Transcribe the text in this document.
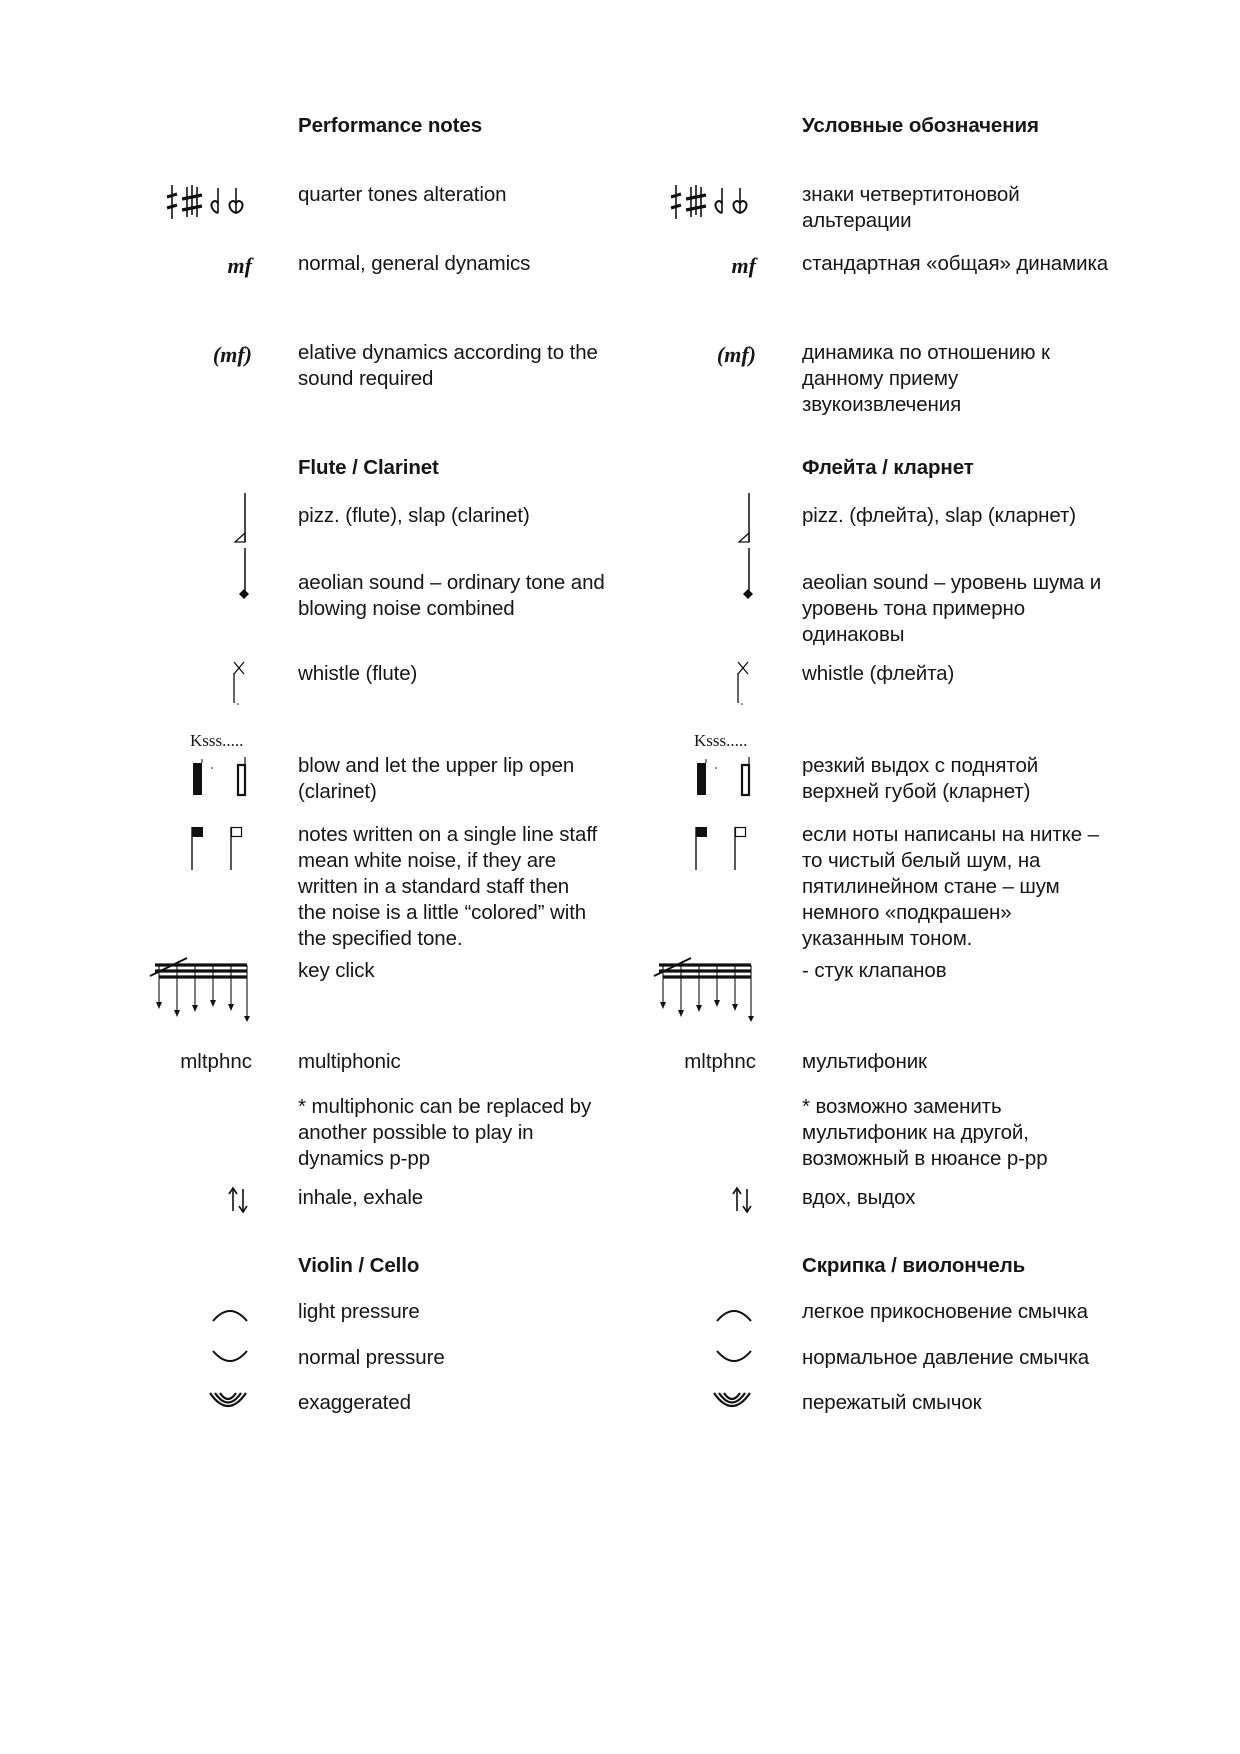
Performance notes
quarter tones alteration
mf normal, general dynamics
(mf) elative dynamics according to the
sound required
Flute / Clarinet
pizz. (flute), slap (clarinet)
aeolian sound – ordinary tone and
blowing noise combined
whistle (flute)
Ksss.....
blow and let the upper lip open
(clarinet)
notes written on a single line staff
mean white noise, if they are
written in a standard staff then
the noise is a little “colored” with
the specified tone.
key click
mltphnc multiphonic
* multiphonic can be replaced by
another possible to play in
dynamics p-pp
inhale, exhale
Violin / Cello
light pressure
normal pressure
exaggerated
Условные обозначения
знаки четвертитоновой
альтерации
mf стандартная «общая» динамика
(mf) динамика по отношению к
данному приему
звукоизвлечения
Флейта / кларнет
pizz. (флейта), slap (кларнет)
aeolian sound – уровень шума и
уровень тона примерно
одинаковы
whistle (флейта)
Ksss.....
резкий выдох с поднятой
верхней губой (кларнет)
если ноты написаны на нитке –
то чистый белый шум, на
пятилинейном стане – шум
немного «подкрашен»
указанным тоном.
- стук клапанов
mltphnc мультифоник
* возможно заменить
мультифоник на другой,
возможный в нюансе p-pp
вдох, выдох
Скрипка / виолончель
легкое прикосновение смычка
нормальное давление смычка
пережатый смычок
